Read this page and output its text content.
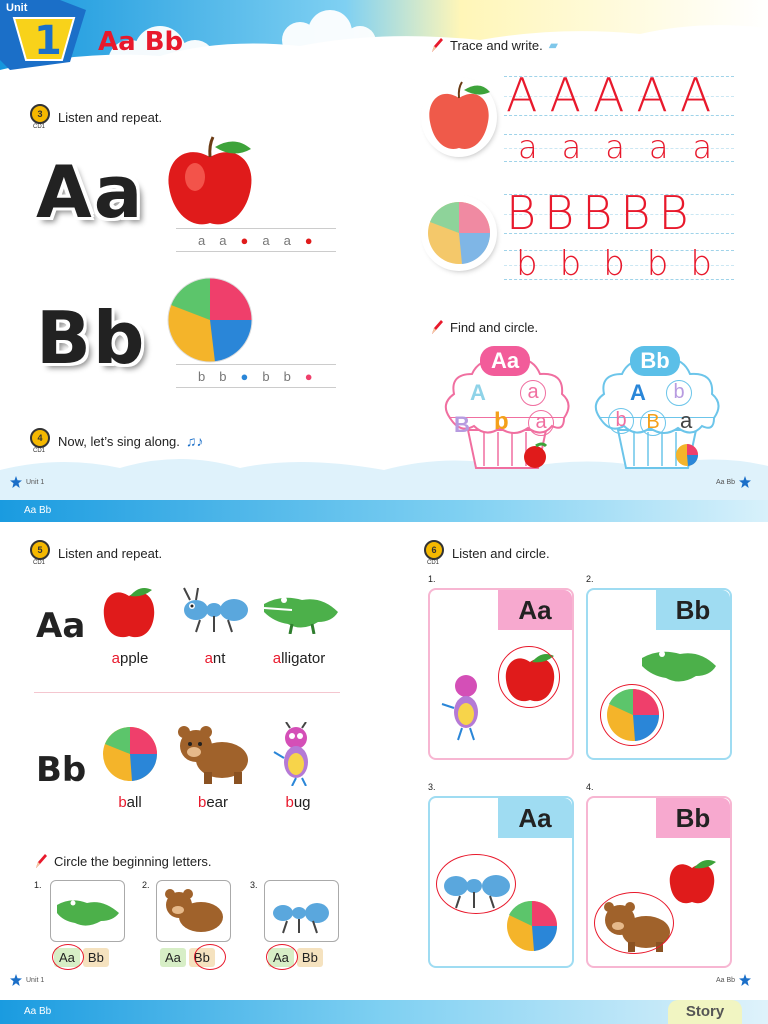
Unit
1 Aa Bb
3
CD1
Listen and repeat.
Aa
Bb
a a ● a a ●
b b ● b b ●
4
CD1
Now, let’s sing along. ♫♪
Unit 1	Aa Bb
Trace and write. ▰
A A A A A
a a a a a
B B B B B
b b b b b
Find and circle.
Aa
A	a
B b	a
Bb
A	b
b B a
Aa Bb
5
CD1
Listen and repeat.
Aa
Bb
apple	ant	alligator
ball	bear	bug
Circle the beginning letters.
1.
Aa Bb
2.
Aa Bb
3.
Aa Bb
Unit 1	Aa Bb
6
CD1
Listen and circle.
1.
Aa
2.
Bb
3.
Aa
4.
Bb
Aa Bb	Story
